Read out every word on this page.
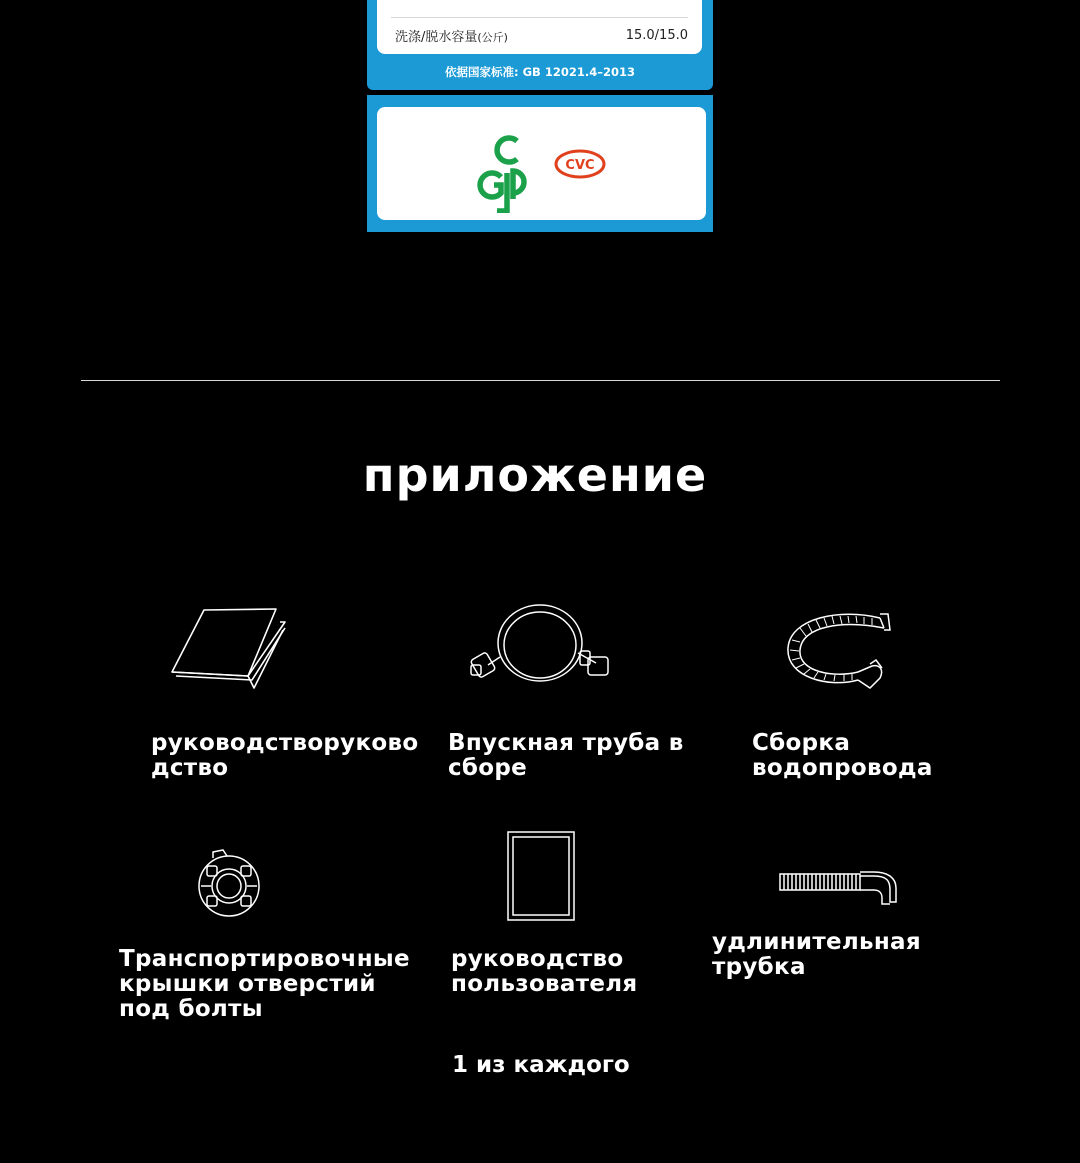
洗涤/脱水容量(公斤)	15.0/15.0
依据国家标准: GB 12021.4–2013
CVC
приложение
руководствoруково
дство
Впускная труба в
сборе
Сборка
водопровода
Транспортировочные
крышки отверстий
под болты
руководство
пользователя
удлинительная
трубка
1 из каждого
